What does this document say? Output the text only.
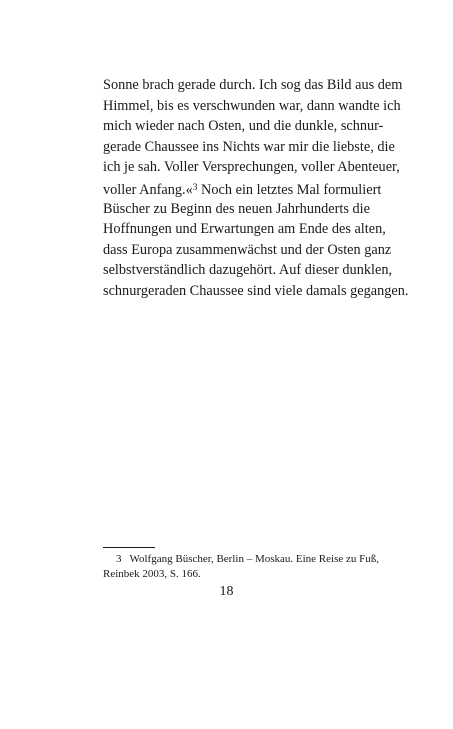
Sonne brach gerade durch. Ich sog das Bild aus dem
Himmel, bis es verschwunden war, dann wandte ich
mich wieder nach Osten, und die dunkle, schnur-
gerade Chaussee ins Nichts war mir die liebste, die
ich je sah. Voller Versprechungen, voller Abenteuer,
voller Anfang.«$^3$ Noch ein letztes Mal formuliert
Büscher zu Beginn des neuen Jahrhunderts die
Hoffnungen und Erwartungen am Ende des alten,
dass Europa zusammenwächst und der Osten ganz
selbstverständlich dazugehört. Auf dieser dunklen,
schnurgeraden Chaussee sind viele damals gegangen.

3 Wolfgang Büscher, Berlin – Moskau. Eine Reise zu Fuß,
Reinbek 2003, S. 166.

18
